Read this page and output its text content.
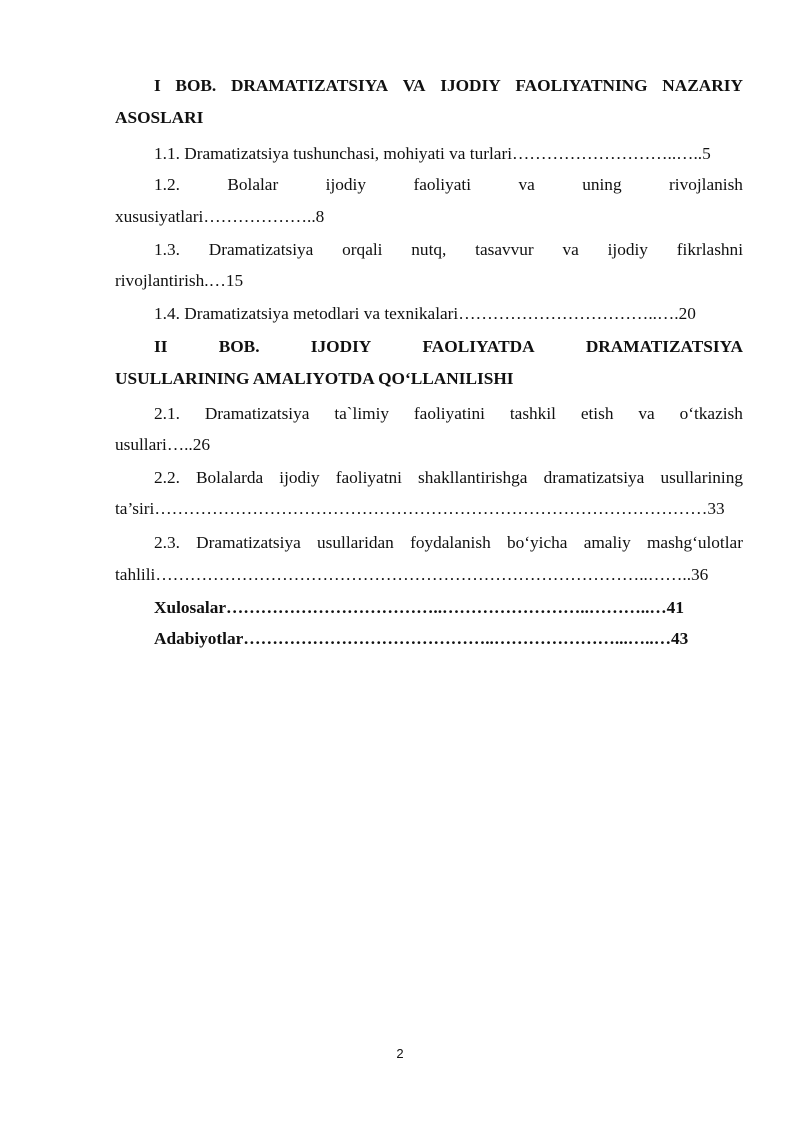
I BOB. DRAMATIZATSIYA VA IJODIY FAOLIYATNING NAZARIY
ASOSLARI
1.1. Dramatizatsiya tushunchasi, mohiyati va turlari………………………..…..5
1.2.	Bolalar	ijodiy	faoliyati	va	uning	rivojlanish
xususiyatlari………………..8
1.3. Dramatizatsiya orqali nutq, tasavvur va ijodiy fikrlashni
rivojlantirish.…15
1.4. Dramatizatsiya metodlari va texnikalari……………………………..….20
II	BOB.	IJODIY	FAOLIYATDA	DRAMATIZATSIYA
USULLARINING AMALIYOTDA QO‘LLANILISHI
2.1. Dramatizatsiya ta`limiy faoliyatini tashkil etish va o‘tkazish
usullari…..26
2.2. Bolalarda ijodiy faoliyatni shakllantirishga dramatizatsiya usullarining
ta’siri……………………………………………………………………………………33
2.3. Dramatizatsiya usullaridan foydalanish bo‘yicha amaliy mashg‘ulotlar
tahlili…………………………………………………………………………..……..36
Xulosalar………………………………..……………………..………..…41
Adabiyotlar……………………………………..…………………...…..…43
2
